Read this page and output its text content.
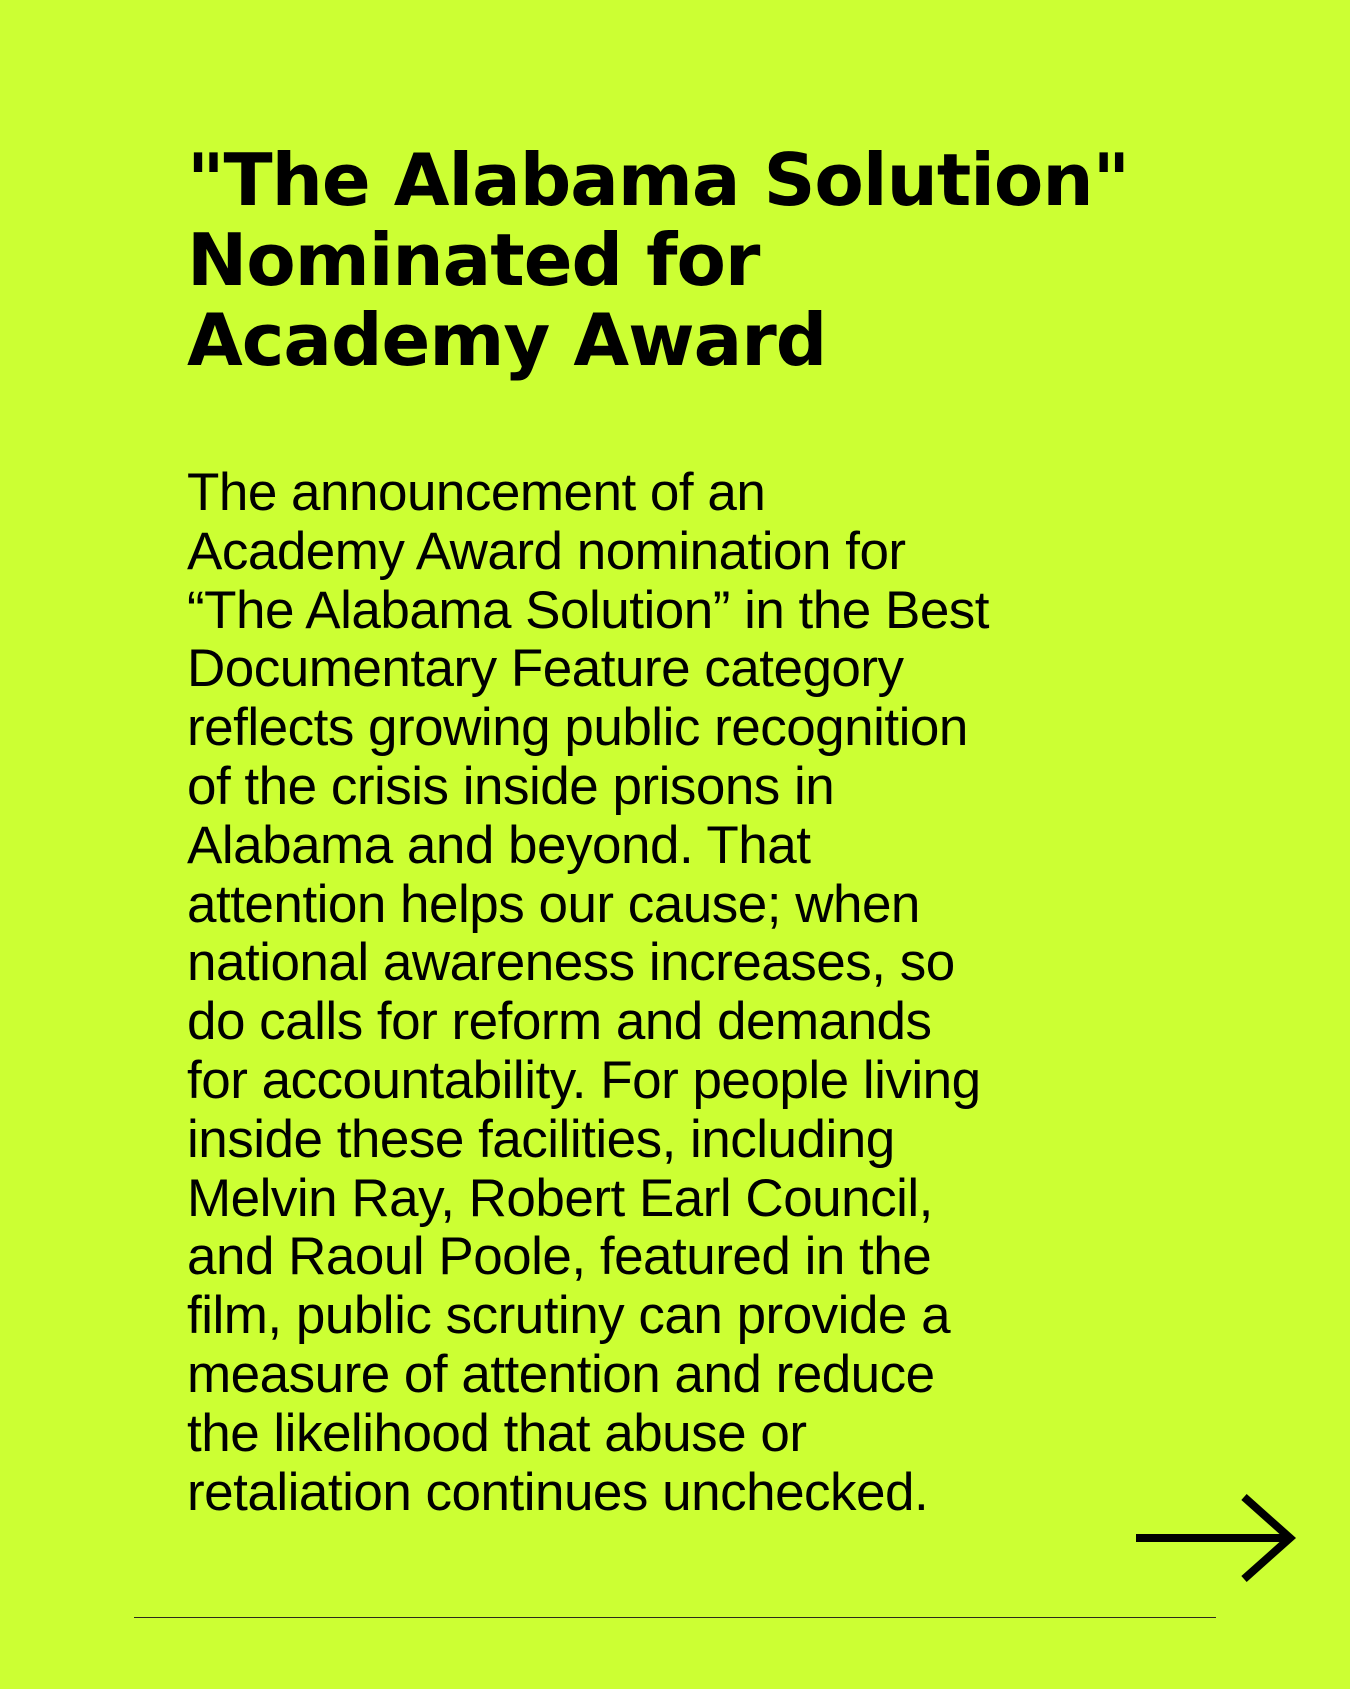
"The Alabama Solution"
Nominated for
Academy Award

The announcement of an
Academy Award nomination for
“The Alabama Solution” in the Best
Documentary Feature category
reflects growing public recognition
of the crisis inside prisons in
Alabama and beyond. That
attention helps our cause; when
national awareness increases, so
do calls for reform and demands
for accountability. For people living
inside these facilities, including
Melvin Ray, Robert Earl Council,
and Raoul Poole, featured in the
film, public scrutiny can provide a
measure of attention and reduce
the likelihood that abuse or
retaliation continues unchecked.
